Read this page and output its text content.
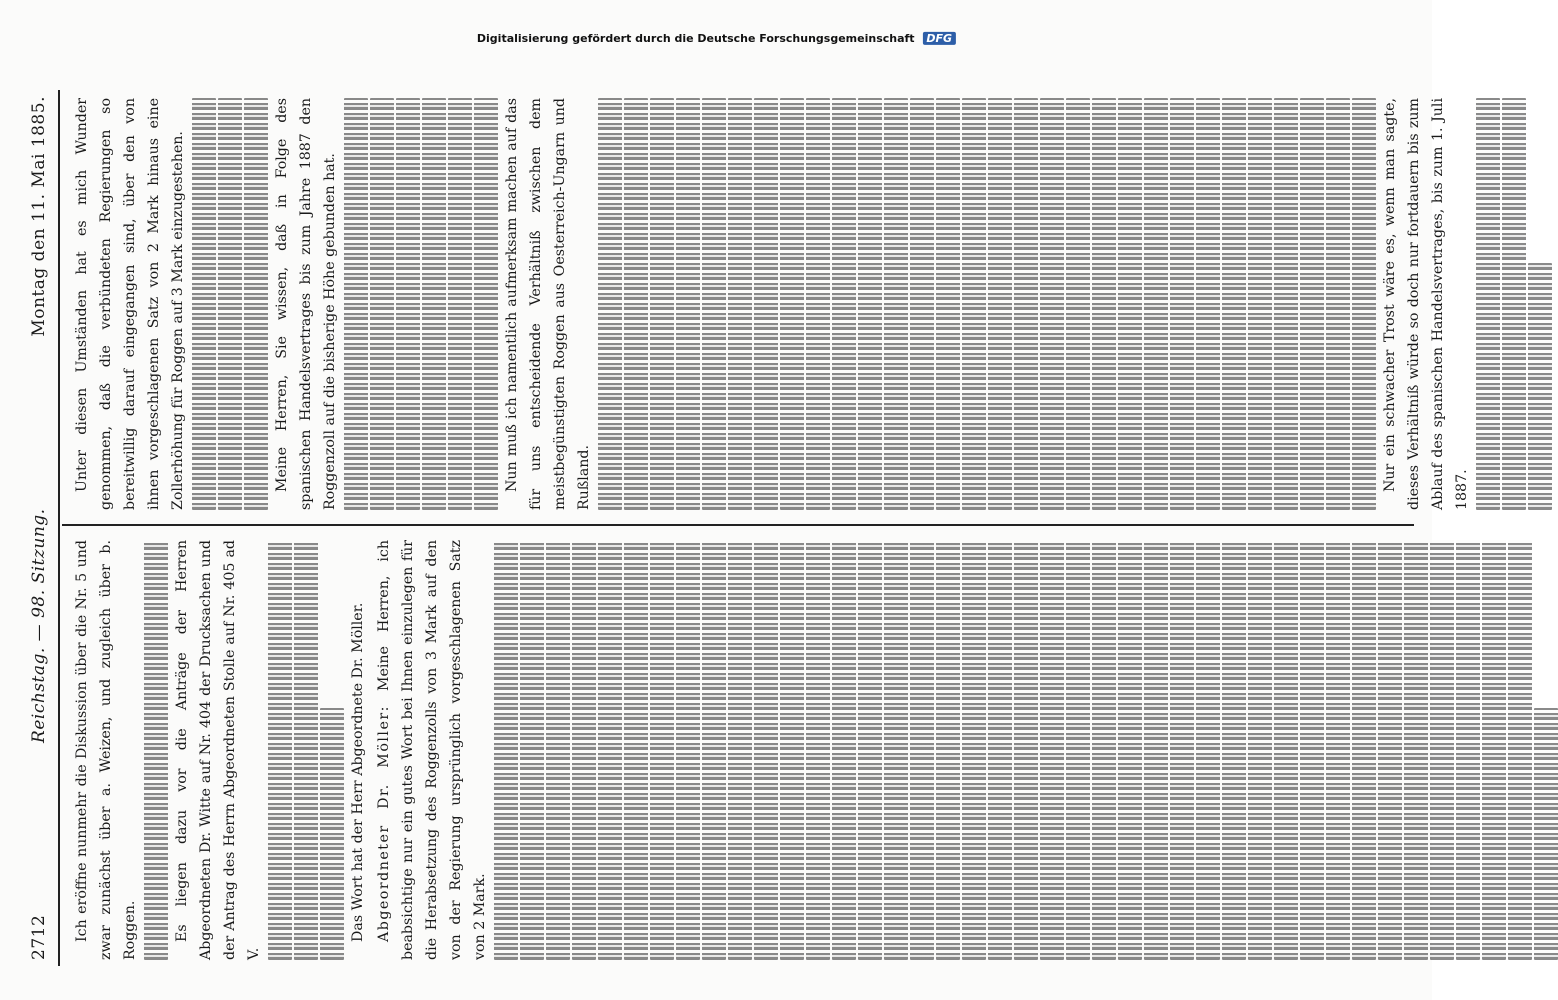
2712
Reichstag. — 98. Sitzung.
Montag den 11. Mai 1885.

Ich eröffne nunmehr die Diskussion über die Nr. 5 und zwar zunächst über a. Weizen, und zugleich über b. Roggen.	Es liegen dazu vor die Anträge der Herren Abgeordneten Dr. Witte auf Nr. 404 der Drucksachen und der Antrag des Herrn Abgeordneten Stolle auf Nr. 405 ad V.

Das Wort hat der Herr Abgeordnete Dr. Möller. Abgeordneter Dr. Möller: Meine Herren, ich beabsichtige nur ein gutes Wort bei Ihnen einzulegen für die Herabsetzung des Roggenzolls von 3 Mark auf den von der Regierung ursprünglich vorgeschlagenen Satz von 2 Mark.

Unter diesen Umständen hat es mich Wunder genommen, daß die verbündeten Regierungen so bereitwillig darauf eingegangen sind, über den von ihnen vorgeschlagenen Satz von 2 Mark hinaus eine Zollerhöhung für Roggen auf 3 Mark einzugestehen.	Meine Herren, Sie wissen, daß in Folge des spanischen Handelsvertrages bis zum Jahre 1887 den Roggenzoll auf die bisherige Höhe gebunden hat.	Nun muß ich namentlich aufmerksam machen auf das für uns entscheidende Verhältniß zwischen dem meistbegünstigten Roggen aus Oesterreich-Ungarn und Rußland.	Nur ein schwacher Trost wäre es, wenn man sagte, dieses Verhältniß würde so doch nur fortdauern bis zum Ablauf des spanischen Handelsvertrages, bis zum 1. Juli 1887.

Digitalisierung gefördert durch die Deutsche Forschungsgemeinschaft DFG
